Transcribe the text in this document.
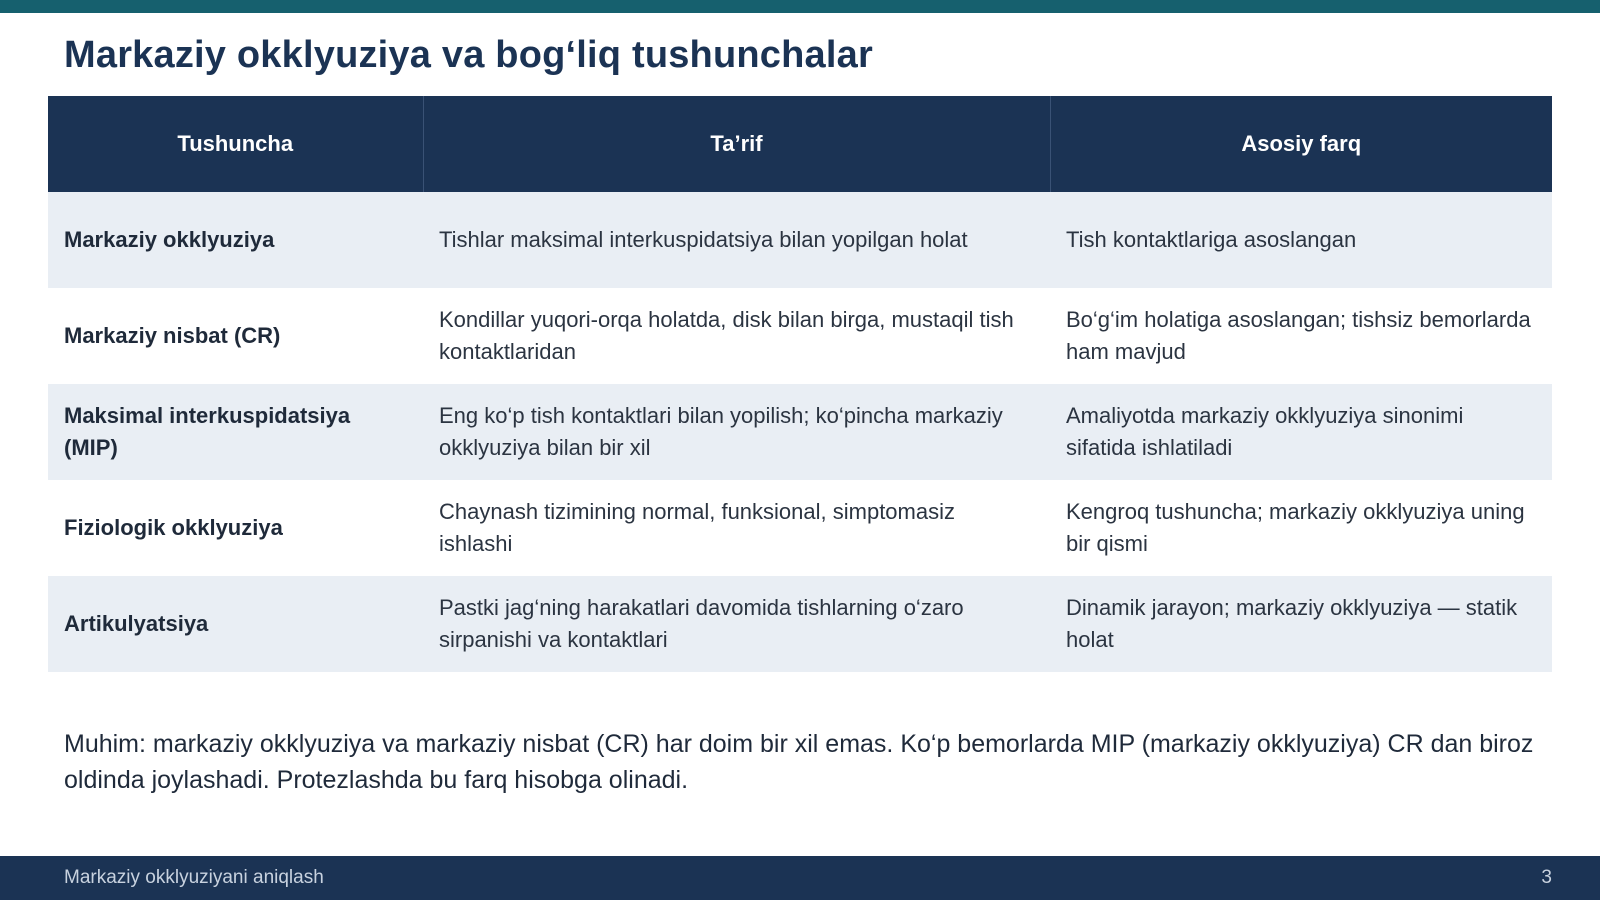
Markaziy okklyuziya va bog‘liq tushunchalar
Tushuncha	Ta’rif	Asosiy farq
Markaziy okklyuziya	Tishlar maksimal interkuspidatsiya bilan yopilgan holat	Tish kontaktlariga asoslangan
Markaziy nisbat (CR)	Kondillar yuqori-orqa holatda, disk bilan birga, mustaqil tish kontaktlaridan	Bo‘g‘im holatiga asoslangan; tishsiz bemorlarda ham mavjud
Maksimal interkuspidatsiya (MIP)	Eng ko‘p tish kontaktlari bilan yopilish; ko‘pincha markaziy okklyuziya bilan bir xil	Amaliyotda markaziy okklyuziya sinonimi sifatida ishlatiladi
Fiziologik okklyuziya	Chaynash tizimining normal, funksional, simptomasiz ishlashi	Kengroq tushuncha; markaziy okklyuziya uning bir qismi
Artikulyatsiya	Pastki jag‘ning harakatlari davomida tishlarning o‘zaro sirpanishi va kontaktlari	Dinamik jarayon; markaziy okklyuziya — statik holat

Muhim: markaziy okklyuziya va markaziy nisbat (CR) har doim bir xil emas. Ko‘p bemorlarda MIP (markaziy okklyuziya) CR dan biroz oldinda joylashadi. Protezlashda bu farq hisobga olinadi.

Markaziy okklyuziyani aniqlash	3
